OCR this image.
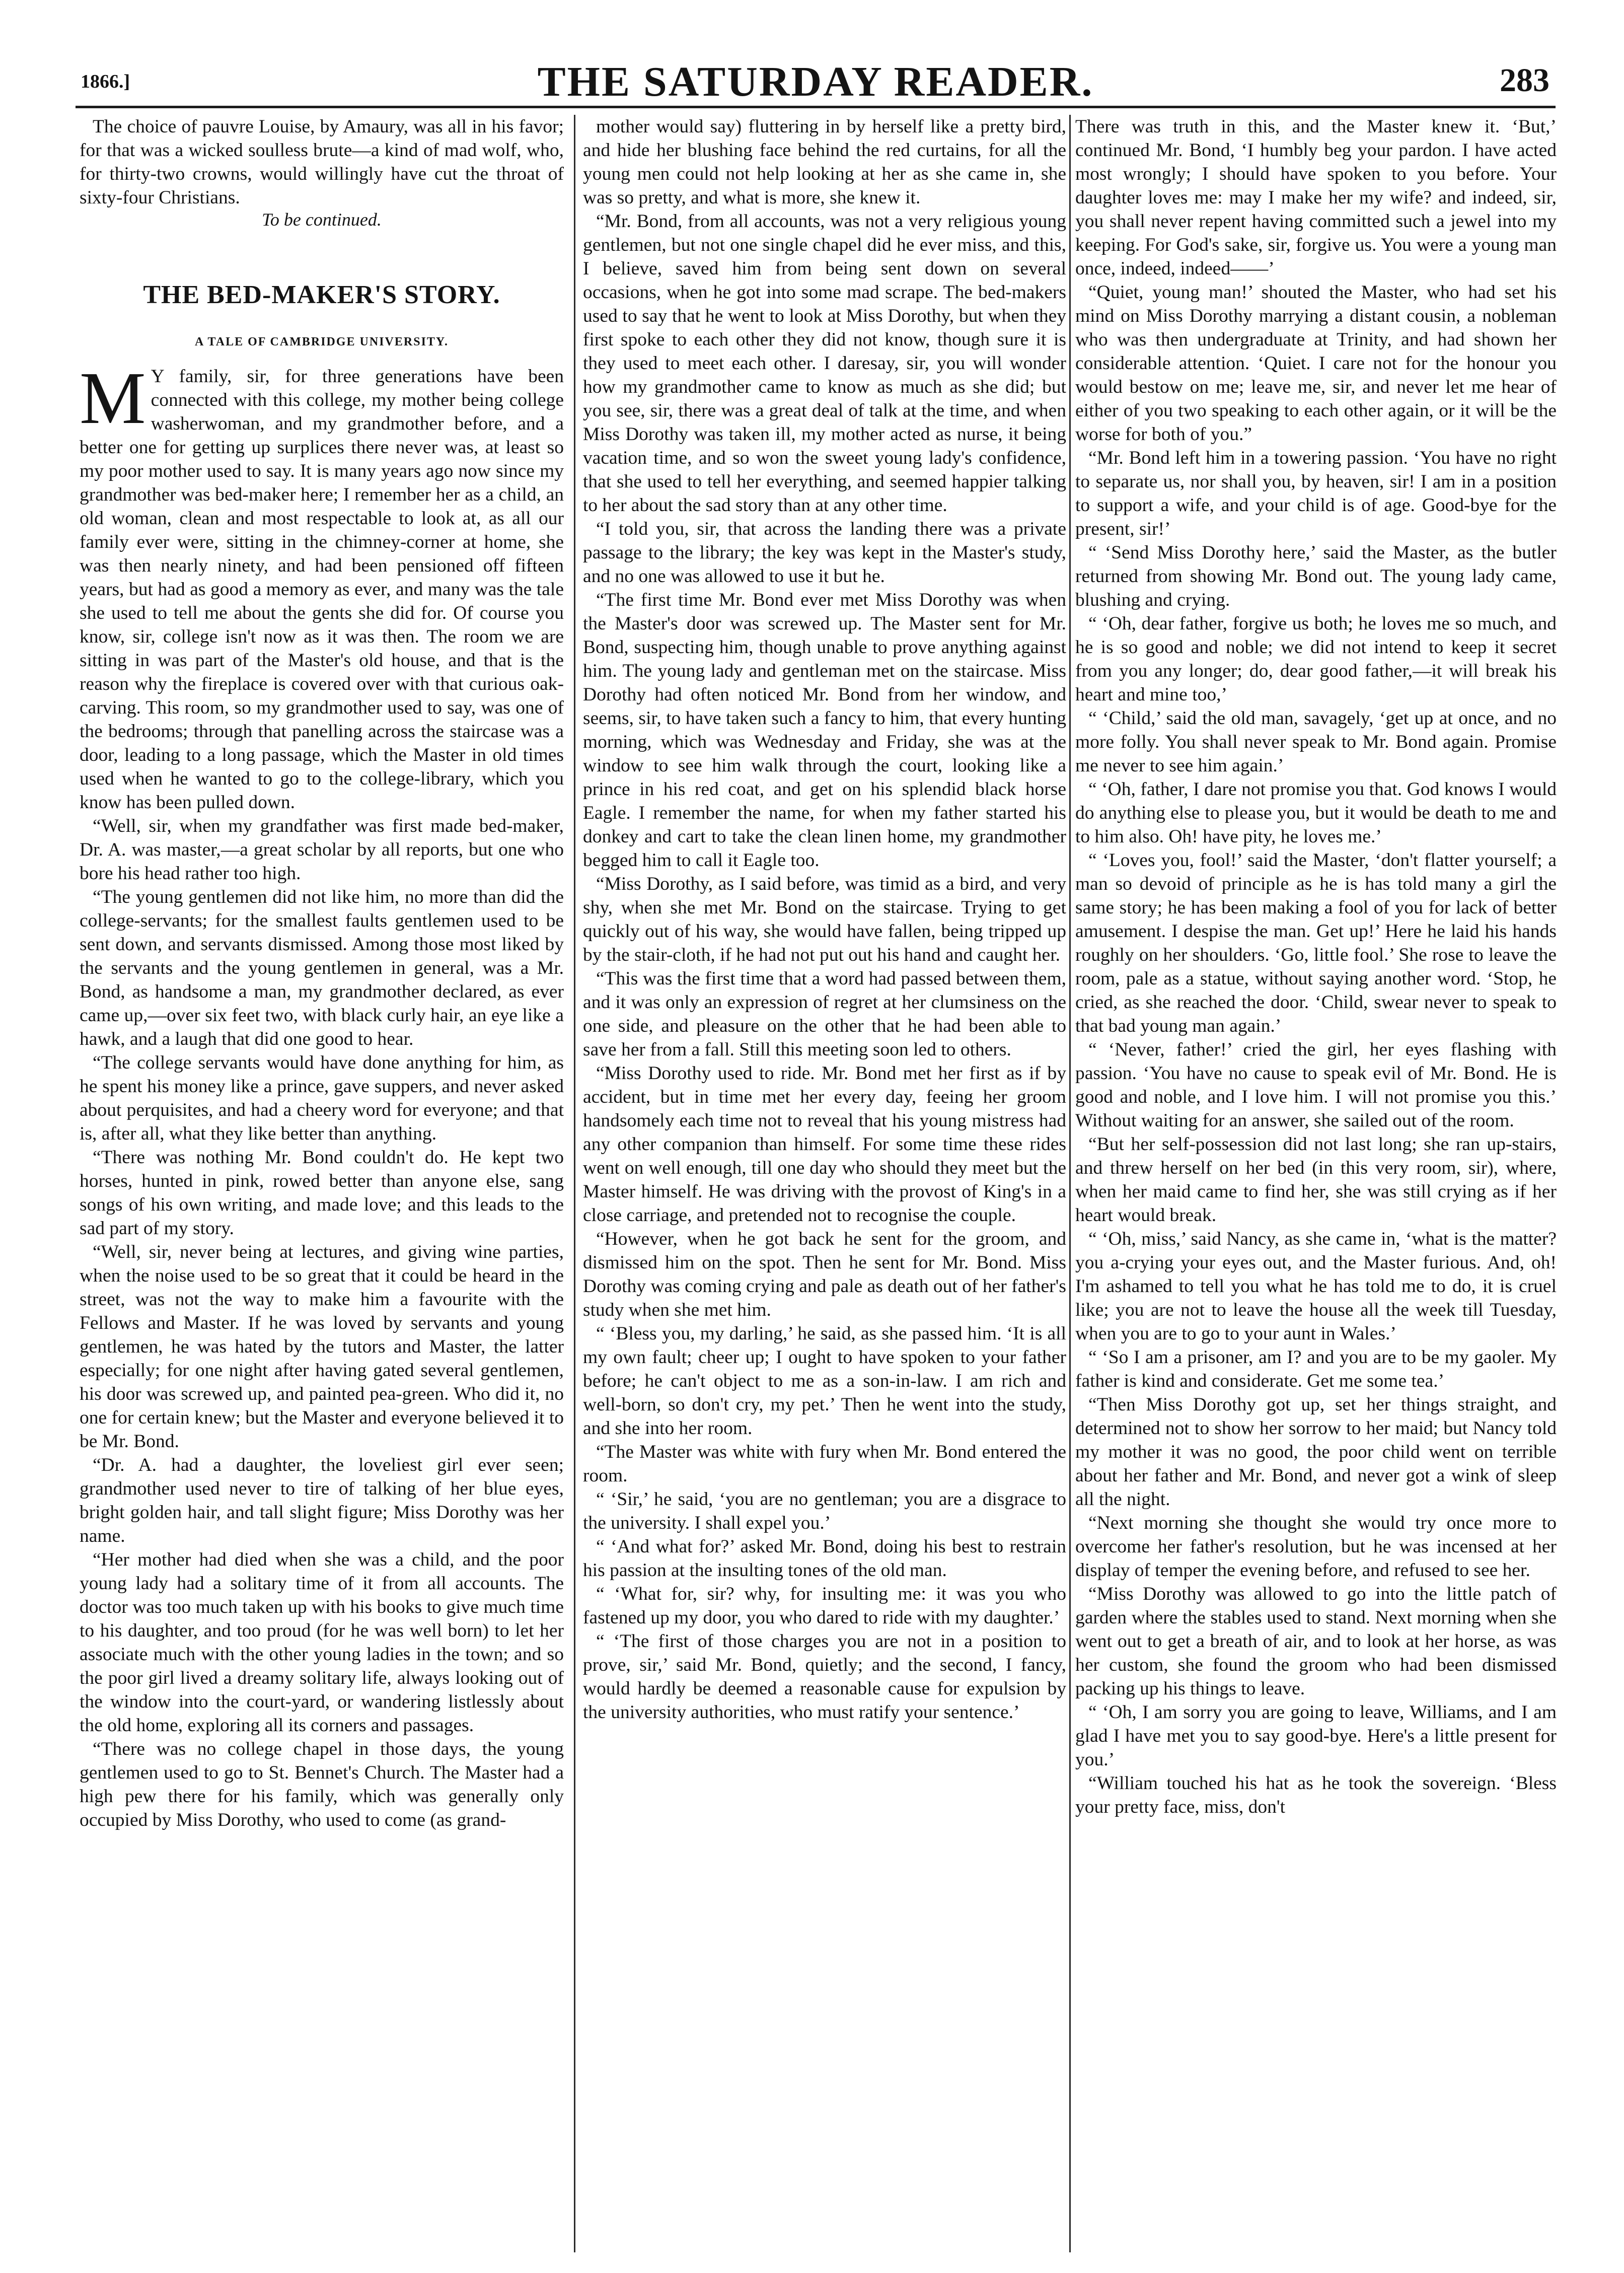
1866.]	THE SATURDAY READER.	283

The choice of pauvre Louise, by Amaury, was all in his favor; for that was a wicked soulless brute—a kind of mad wolf, who, for thirty-two crowns, would willingly have cut the throat of sixty-four Christians.

To be continued.
THE BED-MAKER'S STORY.
A TALE OF CAMBRIDGE UNIVERSITY.

M Y family, sir, for three generations have been connected with this college, my mother being college washerwoman, and my grandmother before, and a better one for getting up surplices there never was, at least so my poor mother used to say. It is many years ago now since my grandmother was bed-maker here; I remember her as a child, an old woman, clean and most respectable to look at, as all our family ever were, sitting in the chimney-corner at home, she was then nearly ninety, and had been pensioned off fifteen years, but had as good a memory as ever, and many was the tale she used to tell me about the gents she did for. Of course you know, sir, college isn't now as it was then. The room we are sitting in was part of the Master's old house, and that is the reason why the fireplace is covered over with that curious oak-carving. This room, so my grandmother used to say, was one of the bedrooms; through that panelling across the staircase was a door, leading to a long passage, which the Master in old times used when he wanted to go to the college-library, which you know has been pulled down.

“Well, sir, when my grandfather was first made bed-maker, Dr. A. was master,—a great scholar by all reports, but one who bore his head rather too high.

“The young gentlemen did not like him, no more than did the college-servants; for the smallest faults gentlemen used to be sent down, and servants dismissed. Among those most liked by the servants and the young gentlemen in general, was a Mr. Bond, as handsome a man, my grandmother declared, as ever came up,—over six feet two, with black curly hair, an eye like a hawk, and a laugh that did one good to hear.

“The college servants would have done anything for him, as he spent his money like a prince, gave suppers, and never asked about perquisites, and had a cheery word for everyone; and that is, after all, what they like better than anything.

“There was nothing Mr. Bond couldn't do. He kept two horses, hunted in pink, rowed better than anyone else, sang songs of his own writing, and made love; and this leads to the sad part of my story.

“Well, sir, never being at lectures, and giving wine parties, when the noise used to be so great that it could be heard in the street, was not the way to make him a favourite with the Fellows and Master. If he was loved by servants and young gentlemen, he was hated by the tutors and Master, the latter especially; for one night after having gated several gentlemen, his door was screwed up, and painted pea-green. Who did it, no one for certain knew; but the Master and everyone believed it to be Mr. Bond.

“Dr. A. had a daughter, the loveliest girl ever seen; grandmother used never to tire of talking of her blue eyes, bright golden hair, and tall slight figure; Miss Dorothy was her name.

“Her mother had died when she was a child, and the poor young lady had a solitary time of it from all accounts. The doctor was too much taken up with his books to give much time to his daughter, and too proud (for he was well born) to let her associate much with the other young ladies in the town; and so the poor girl lived a dreamy solitary life, always looking out of the window into the court-yard, or wandering listlessly about the old home, exploring all its corners and passages.

“There was no college chapel in those days, the young gentlemen used to go to St. Bennet's Church. The Master had a high pew there for his family, which was generally only occupied by Miss Dorothy, who used to come (as grand-

mother would say) fluttering in by herself like a pretty bird, and hide her blushing face behind the red curtains, for all the young men could not help looking at her as she came in, she was so pretty, and what is more, she knew it.

“Mr. Bond, from all accounts, was not a very religious young gentlemen, but not one single chapel did he ever miss, and this, I believe, saved him from being sent down on several occasions, when he got into some mad scrape. The bed-makers used to say that he went to look at Miss Dorothy, but when they first spoke to each other they did not know, though sure it is they used to meet each other. I daresay, sir, you will wonder how my grandmother came to know as much as she did; but you see, sir, there was a great deal of talk at the time, and when Miss Dorothy was taken ill, my mother acted as nurse, it being vacation time, and so won the sweet young lady's confidence, that she used to tell her everything, and seemed happier talking to her about the sad story than at any other time.

“I told you, sir, that across the landing there was a private passage to the library; the key was kept in the Master's study, and no one was allowed to use it but he.

“The first time Mr. Bond ever met Miss Dorothy was when the Master's door was screwed up. The Master sent for Mr. Bond, suspecting him, though unable to prove anything against him. The young lady and gentleman met on the staircase. Miss Dorothy had often noticed Mr. Bond from her window, and seems, sir, to have taken such a fancy to him, that every hunting morning, which was Wednesday and Friday, she was at the window to see him walk through the court, looking like a prince in his red coat, and get on his splendid black horse Eagle. I remember the name, for when my father started his donkey and cart to take the clean linen home, my grandmother begged him to call it Eagle too.

“Miss Dorothy, as I said before, was timid as a bird, and very shy, when she met Mr. Bond on the staircase. Trying to get quickly out of his way, she would have fallen, being tripped up by the stair-cloth, if he had not put out his hand and caught her.

“This was the first time that a word had passed between them, and it was only an expression of regret at her clumsiness on the one side, and pleasure on the other that he had been able to save her from a fall. Still this meeting soon led to others.

“Miss Dorothy used to ride. Mr. Bond met her first as if by accident, but in time met her every day, feeing her groom handsomely each time not to reveal that his young mistress had any other companion than himself. For some time these rides went on well enough, till one day who should they meet but the Master himself. He was driving with the provost of King's in a close carriage, and pretended not to recognise the couple.

“However, when he got back he sent for the groom, and dismissed him on the spot. Then he sent for Mr. Bond. Miss Dorothy was coming crying and pale as death out of her father's study when she met him.

“ ‘Bless you, my darling,’ he said, as she passed him. ‘It is all my own fault; cheer up; I ought to have spoken to your father before; he can't object to me as a son-in-law. I am rich and well-born, so don't cry, my pet.’ Then he went into the study, and she into her room.

“The Master was white with fury when Mr. Bond entered the room.

“ ‘Sir,’ he said, ‘you are no gentleman; you are a disgrace to the university. I shall expel you.’

“ ‘And what for?’ asked Mr. Bond, doing his best to restrain his passion at the insulting tones of the old man.

“ ‘What for, sir? why, for insulting me: it was you who fastened up my door, you who dared to ride with my daughter.’

“ ‘The first of those charges you are not in a position to prove, sir,’ said Mr. Bond, quietly; and the second, I fancy, would hardly be deemed a reasonable cause for expulsion by the university authorities, who must ratify your sentence.’

There was truth in this, and the Master knew it. ‘But,’ continued Mr. Bond, ‘I humbly beg your pardon. I have acted most wrongly; I should have spoken to you before. Your daughter loves me: may I make her my wife? and indeed, sir, you shall never repent having committed such a jewel into my keeping. For God's sake, sir, forgive us. You were a young man once, indeed, indeed——’

“Quiet, young man!’ shouted the Master, who had set his mind on Miss Dorothy marrying a distant cousin, a nobleman who was then undergraduate at Trinity, and had shown her considerable attention. ‘Quiet. I care not for the honour you would bestow on me; leave me, sir, and never let me hear of either of you two speaking to each other again, or it will be the worse for both of you.”

“Mr. Bond left him in a towering passion. ‘You have no right to separate us, nor shall you, by heaven, sir! I am in a position to support a wife, and your child is of age. Good-bye for the present, sir!’

“ ‘Send Miss Dorothy here,’ said the Master, as the butler returned from showing Mr. Bond out. The young lady came, blushing and crying.

“ ‘Oh, dear father, forgive us both; he loves me so much, and he is so good and noble; we did not intend to keep it secret from you any longer; do, dear good father,—it will break his heart and mine too,’

“ ‘Child,’ said the old man, savagely, ‘get up at once, and no more folly. You shall never speak to Mr. Bond again. Promise me never to see him again.’

“ ‘Oh, father, I dare not promise you that. God knows I would do anything else to please you, but it would be death to me and to him also. Oh! have pity, he loves me.’

“ ‘Loves you, fool!’ said the Master, ‘don't flatter yourself; a man so devoid of principle as he is has told many a girl the same story; he has been making a fool of you for lack of better amusement. I despise the man. Get up!’ Here he laid his hands roughly on her shoulders. ‘Go, little fool.’ She rose to leave the room, pale as a statue, without saying another word. ‘Stop, he cried, as she reached the door. ‘Child, swear never to speak to that bad young man again.’

“ ‘Never, father!’ cried the girl, her eyes flashing with passion. ‘You have no cause to speak evil of Mr. Bond. He is good and noble, and I love him. I will not promise you this.’ Without waiting for an answer, she sailed out of the room.

“But her self-possession did not last long; she ran up-stairs, and threw herself on her bed (in this very room, sir), where, when her maid came to find her, she was still crying as if her heart would break.

“ ‘Oh, miss,’ said Nancy, as she came in, ‘what is the matter? you a-crying your eyes out, and the Master furious. And, oh! I'm ashamed to tell you what he has told me to do, it is cruel like; you are not to leave the house all the week till Tuesday, when you are to go to your aunt in Wales.’

“ ‘So I am a prisoner, am I? and you are to be my gaoler. My father is kind and considerate. Get me some tea.’

“Then Miss Dorothy got up, set her things straight, and determined not to show her sorrow to her maid; but Nancy told my mother it was no good, the poor child went on terrible about her father and Mr. Bond, and never got a wink of sleep all the night.

“Next morning she thought she would try once more to overcome her father's resolution, but he was incensed at her display of temper the evening before, and refused to see her.

“Miss Dorothy was allowed to go into the little patch of garden where the stables used to stand. Next morning when she went out to get a breath of air, and to look at her horse, as was her custom, she found the groom who had been dismissed packing up his things to leave.

“ ‘Oh, I am sorry you are going to leave, Williams, and I am glad I have met you to say good-bye. Here's a little present for you.’

“William touched his hat as he took the sovereign. ‘Bless your pretty face, miss, don't
